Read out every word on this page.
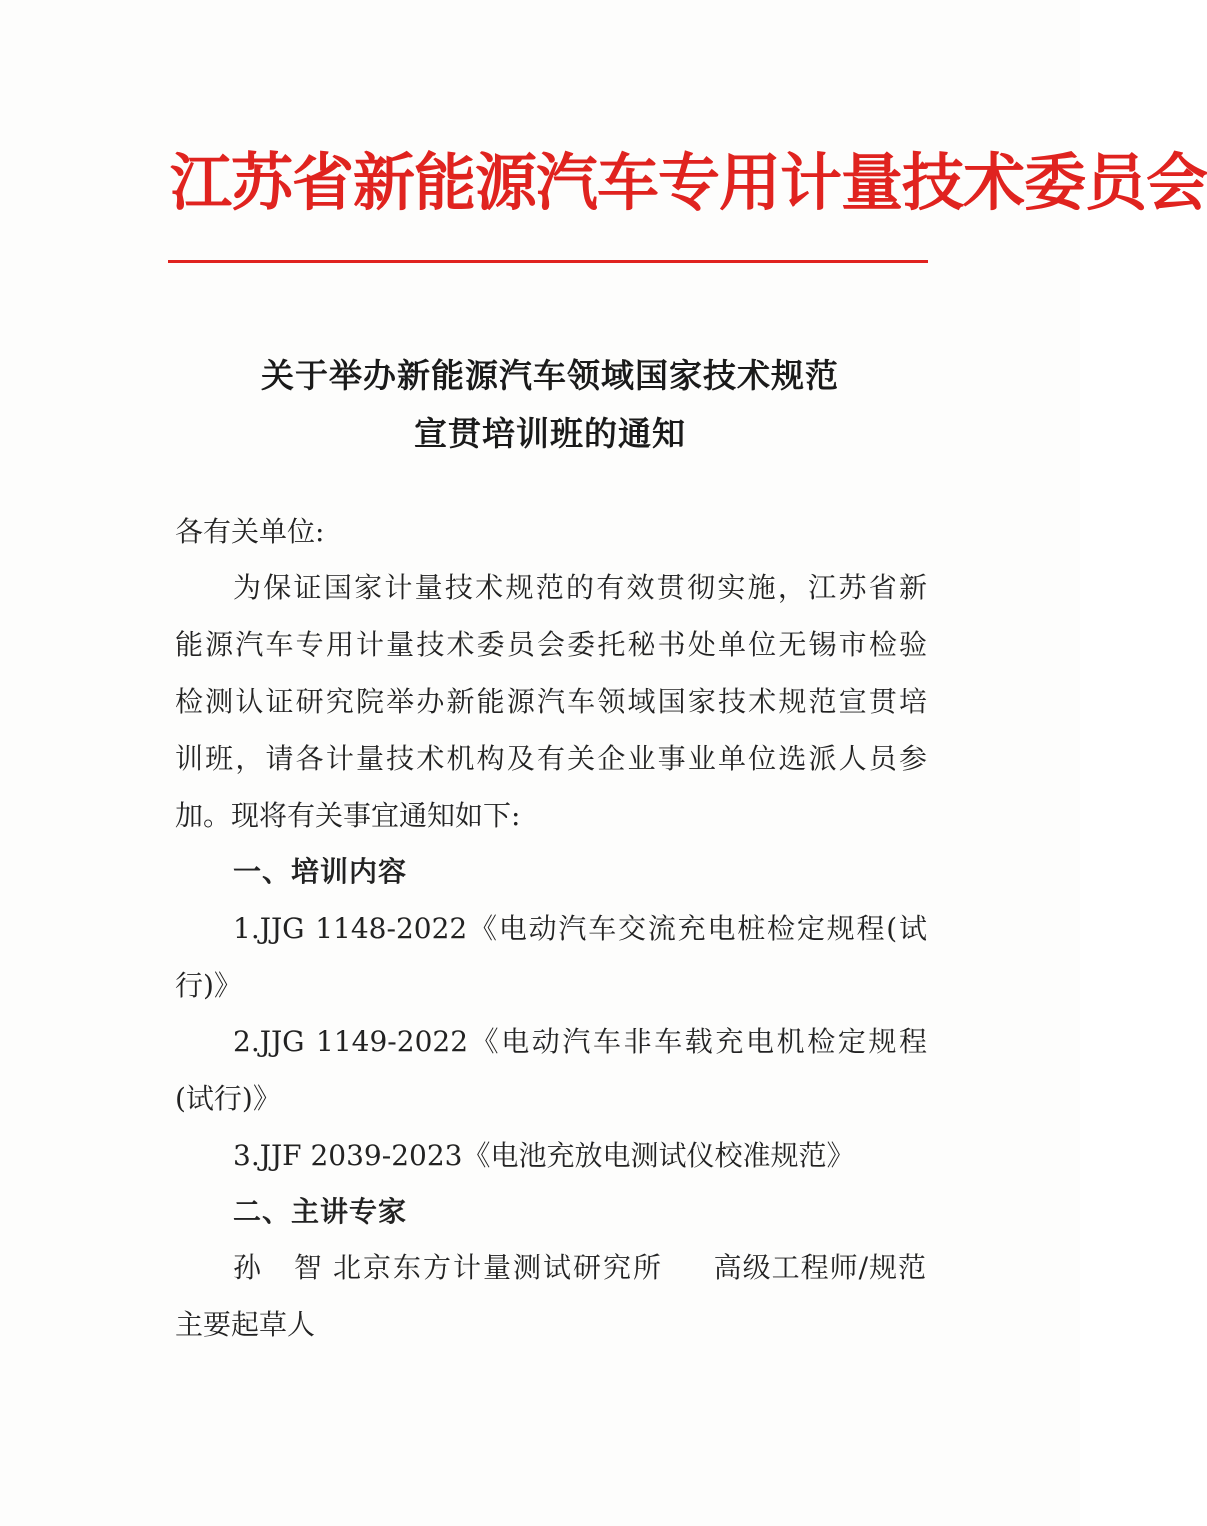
江苏省新能源汽车专用计量技术委员会
关于举办新能源汽车领域国家技术规范
宣贯培训班的通知
各有关单位:
为保证国家计量技术规范的有效贯彻实施，江苏省新
能源汽车专用计量技术委员会委托秘书处单位无锡市检验
检测认证研究院举办新能源汽车领域国家技术规范宣贯培
训班，请各计量技术机构及有关企业事业单位选派人员参
加。现将有关事宜通知如下:
一、培训内容
1.JJG 1148-2022《电动汽车交流充电桩检定规程(试
行)》
2.JJG 1149-2022《电动汽车非车载充电机检定规程
(试行)》
3.JJF 2039-2023《电池充放电测试仪校准规范》
二、主讲专家
孙 智 北京东方计量测试研究所 高级工程师/规范
主要起草人
